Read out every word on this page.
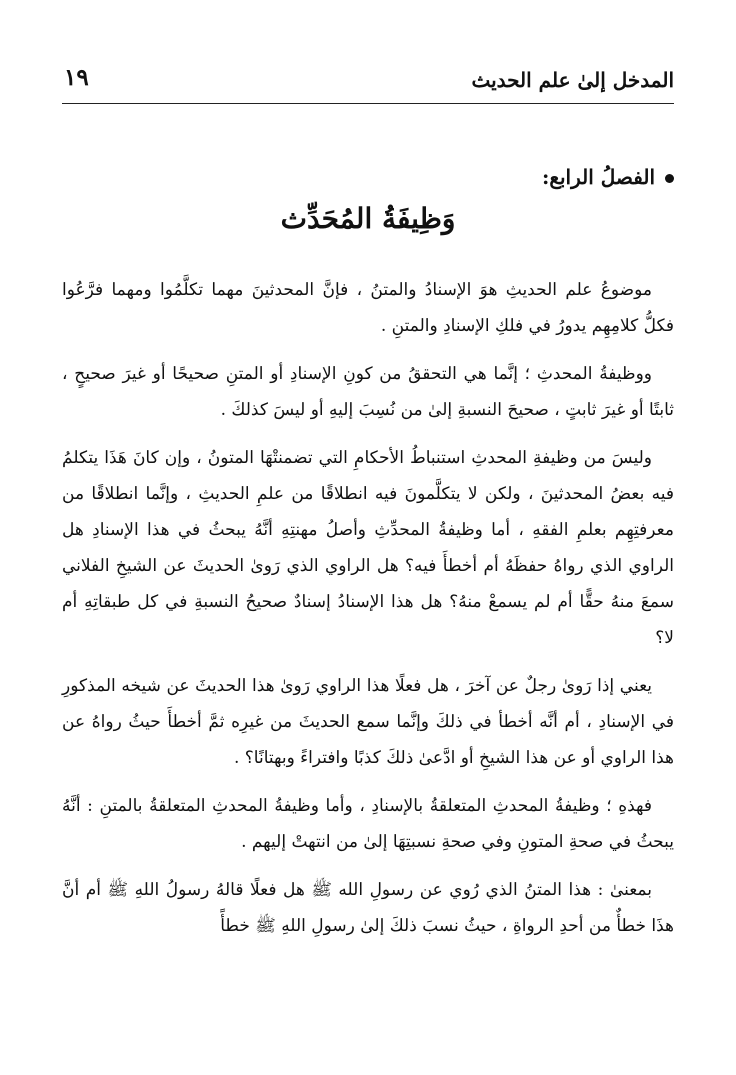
المدخل إلىٰ علم الحديث
١٩
الفصلُ الرابع:
وَظِيفَةُ المُحَدِّث

موضوعُ علم الحديثِ هوَ الإسنادُ والمتنُ ، فإنَّ المحدثينَ مهما تكلَّمُوا ومهما فرَّعُوا فكلُّ كلامِهِم يدورُ في فلكِ الإسنادِ والمتنِ .

ووظيفةُ المحدثِ ؛ إنَّما هي التحققُ من كونِ الإسنادِ أو المتنِ صحيحًا أو غيرَ صحيحٍ ، ثابتًا أو غيرَ ثابتٍ ، صحيحَ النسبةِ إلىٰ من نُسِبَ إليهِ أو ليسَ كذلكَ .

وليسَ من وظيفةِ المحدثِ استنباطُ الأحكامِ التي تضمنتْهَا المتونُ ، وإن كانَ هَذَا يتكلمُ فيه بعضُ المحدثينَ ، ولكن لا يتكلَّمونَ فيه انطلاقًا من علمِ الحديثِ ، وإنَّما انطلاقًا من معرفتِهِم بعلمِ الفقهِ ، أما وظيفةُ المحدِّثِ وأصلُ مهنتِهِ أنَّهُ يبحثُ في هذا الإسنادِ هل الراوي الذي رواهُ حفظَهُ أم أخطأَ فيه؟ هل الراوي الذي رَوىٰ الحديثَ عن الشيخِ الفلاني سمعَ منهُ حقًّا أم لم يسمعْ منهُ؟ هل هذا الإسنادُ إسنادٌ صحيحُ النسبةِ في كل طبقاتِهِ أم لا؟

يعني إذا رَوىٰ رجلٌ عن آخرَ ، هل فعلًا هذا الراوي رَوىٰ هذا الحديثَ عن شيخه المذكورِ في الإسنادِ ، أم أنَّه أخطأ في ذلكَ وإنَّما سمع الحديثَ من غيرِه ثمَّ أخطأَ حيثُ رواهُ عن هذا الراوي أو عن هذا الشيخِ أو ادَّعىٰ ذلكَ كذبًا وافتراءً وبهتانًا؟ .

فهذهِ ؛ وظيفةُ المحدثِ المتعلقةُ بالإسنادِ ، وأما وظيفةُ المحدثِ المتعلقةُ بالمتنِ : أنَّهُ يبحثُ في صحةِ المتونِ وفي صحةِ نسبتِهَا إلىٰ من انتهتْ إليهم .

بمعنىٰ : هذا المتنُ الذي رُوي عن رسولِ الله ﷺ هل فعلًا قالهُ رسولُ اللهِ ﷺ أم أنَّ هذَا خطأٌ من أحدِ الرواةِ ، حيثُ نسبَ ذلكَ إلىٰ رسولِ اللهِ ﷺ خطأً
